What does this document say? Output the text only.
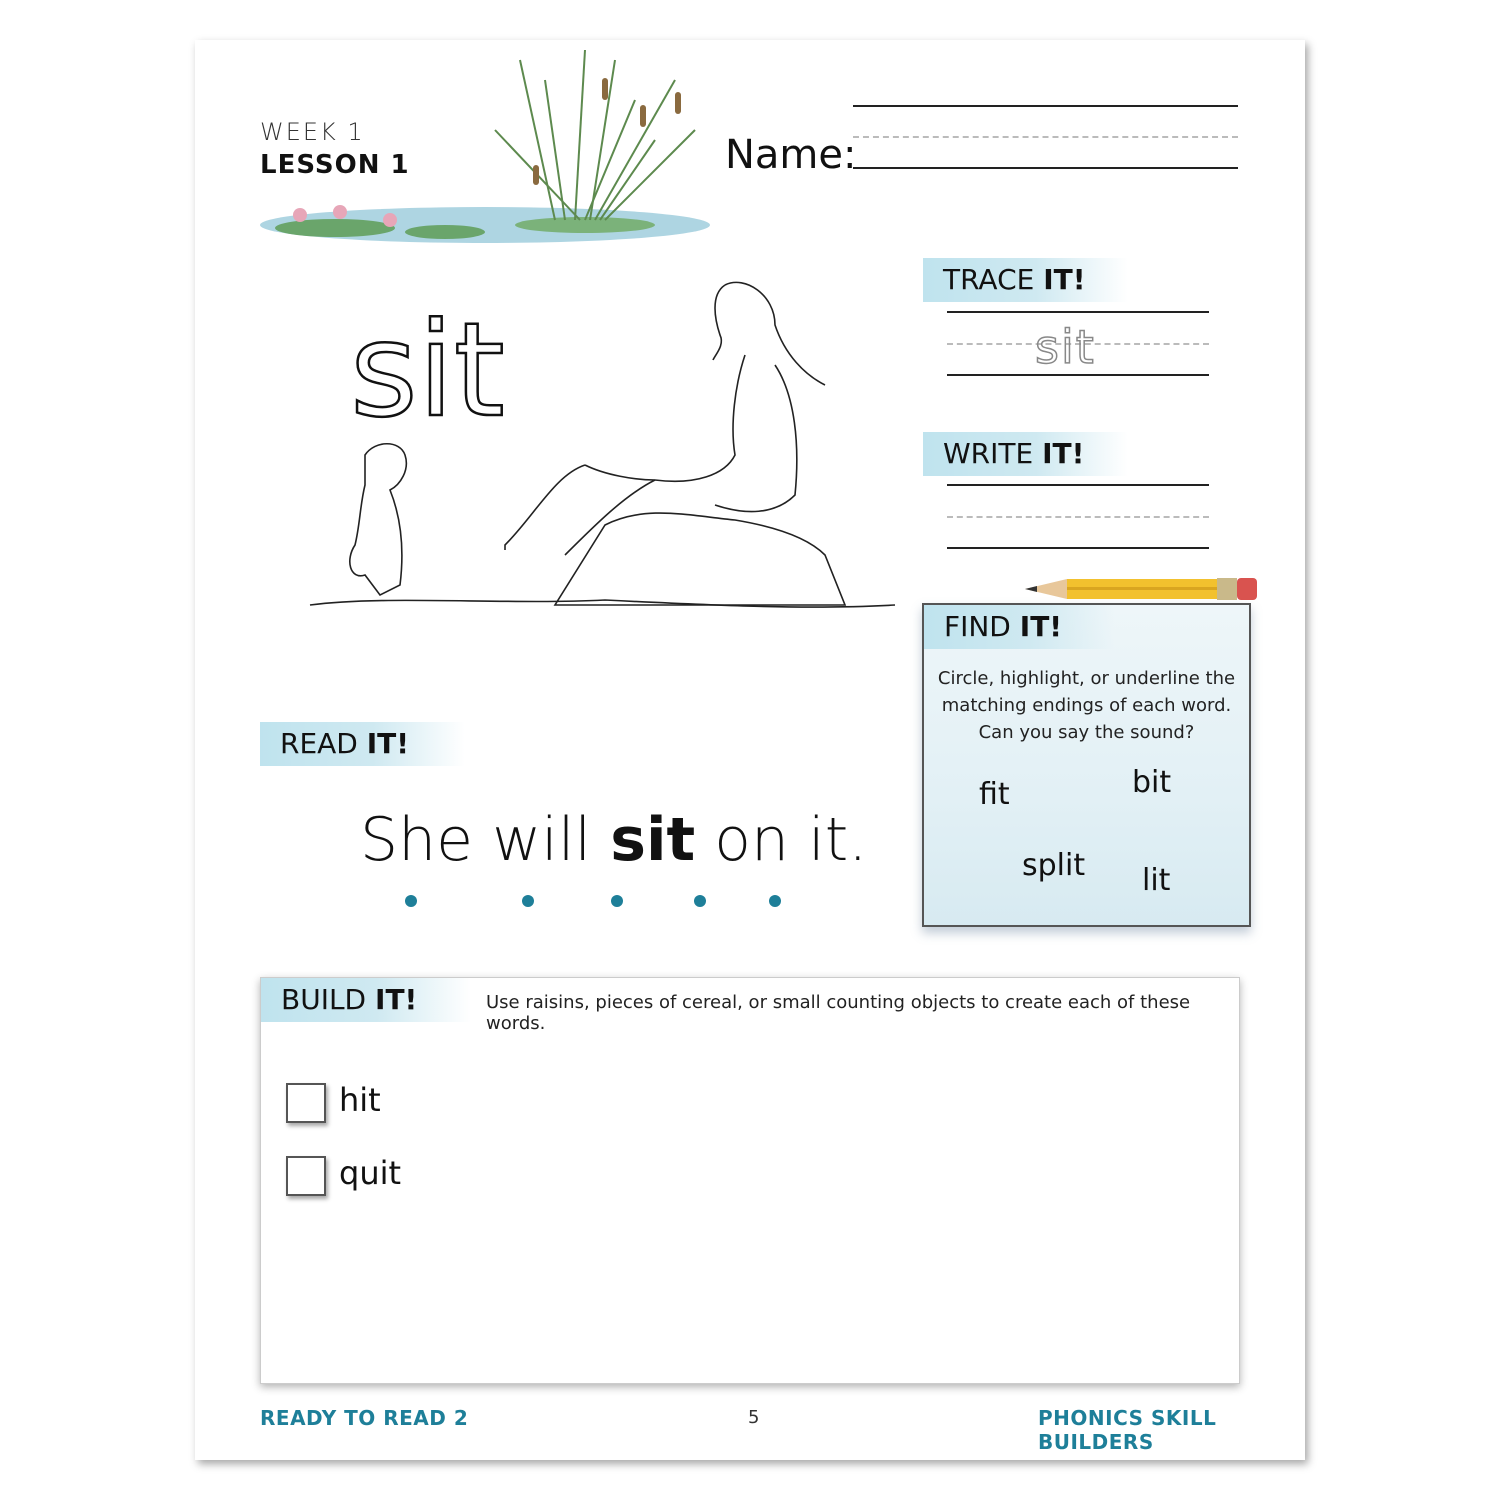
WEEK 1
LESSON 1	Name:
sit
TRACE IT!
sit
WRITE IT!
FIND IT!
Circle, highlight, or underline the matching endings of each word. Can you say the sound?
fit	bit
split lit
READ IT!
She will sit on it.
BUILD IT!	Use raisins, pieces of cereal, or small counting objects to create each of these words.
hit
quit
READY TO READ 2	5	PHONICS SKILL BUILDERS
